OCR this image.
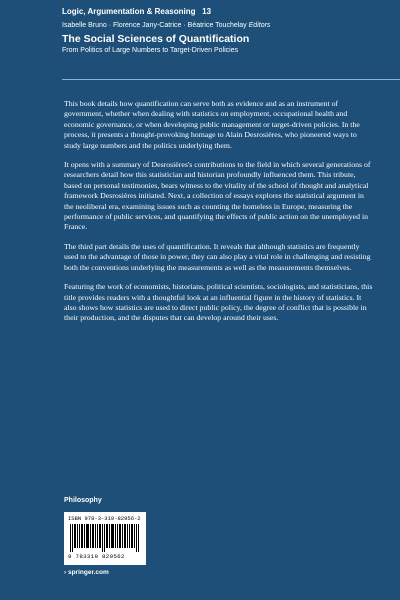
Logic, Argumentation & Reasoning 13
Isabelle Bruno · Florence Jany-Catrice · Béatrice Touchelay Editors
The Social Sciences of Quantification
From Politics of Large Numbers to Target-Driven Policies

This book details how quantification can serve both as evidence and as an instrument of government, whether when dealing with statistics on employment, occupational health and economic governance, or when developing public management or target-driven policies. In the process, it presents a thought-provoking homage to Alain Desrosières, who pioneered ways to study large numbers and the politics underlying them.

It opens with a summary of Desrosières's contributions to the field in which several generations of researchers detail how this statistician and historian profoundly influenced them. This tribute, based on personal testimonies, bears witness to the vitality of the school of thought and analytical framework Desrosières initiated. Next, a collection of essays explores the statistical argument in the neoliberal era, examining issues such as counting the homeless in Europe, measuring the performance of public services, and quantifying the effects of public action on the unemployed in France.

The third part details the uses of quantification. It reveals that although statistics are frequently used to the advantage of those in power, they can also play a vital role in challenging and resisting both the conventions underlying the measurements as well as the measurements themselves.

Featuring the work of economists, historians, political scientists, sociologists, and statisticians, this title provides readers with a thoughtful look at an influential figure in the history of statistics. It also shows how statistics are used to direct public policy, the degree of conflict that is possible in their production, and the disputes that can develop around their uses.

Philosophy
ISBN 978-3-319-82956-2
9 783319 829562
› springer.com
